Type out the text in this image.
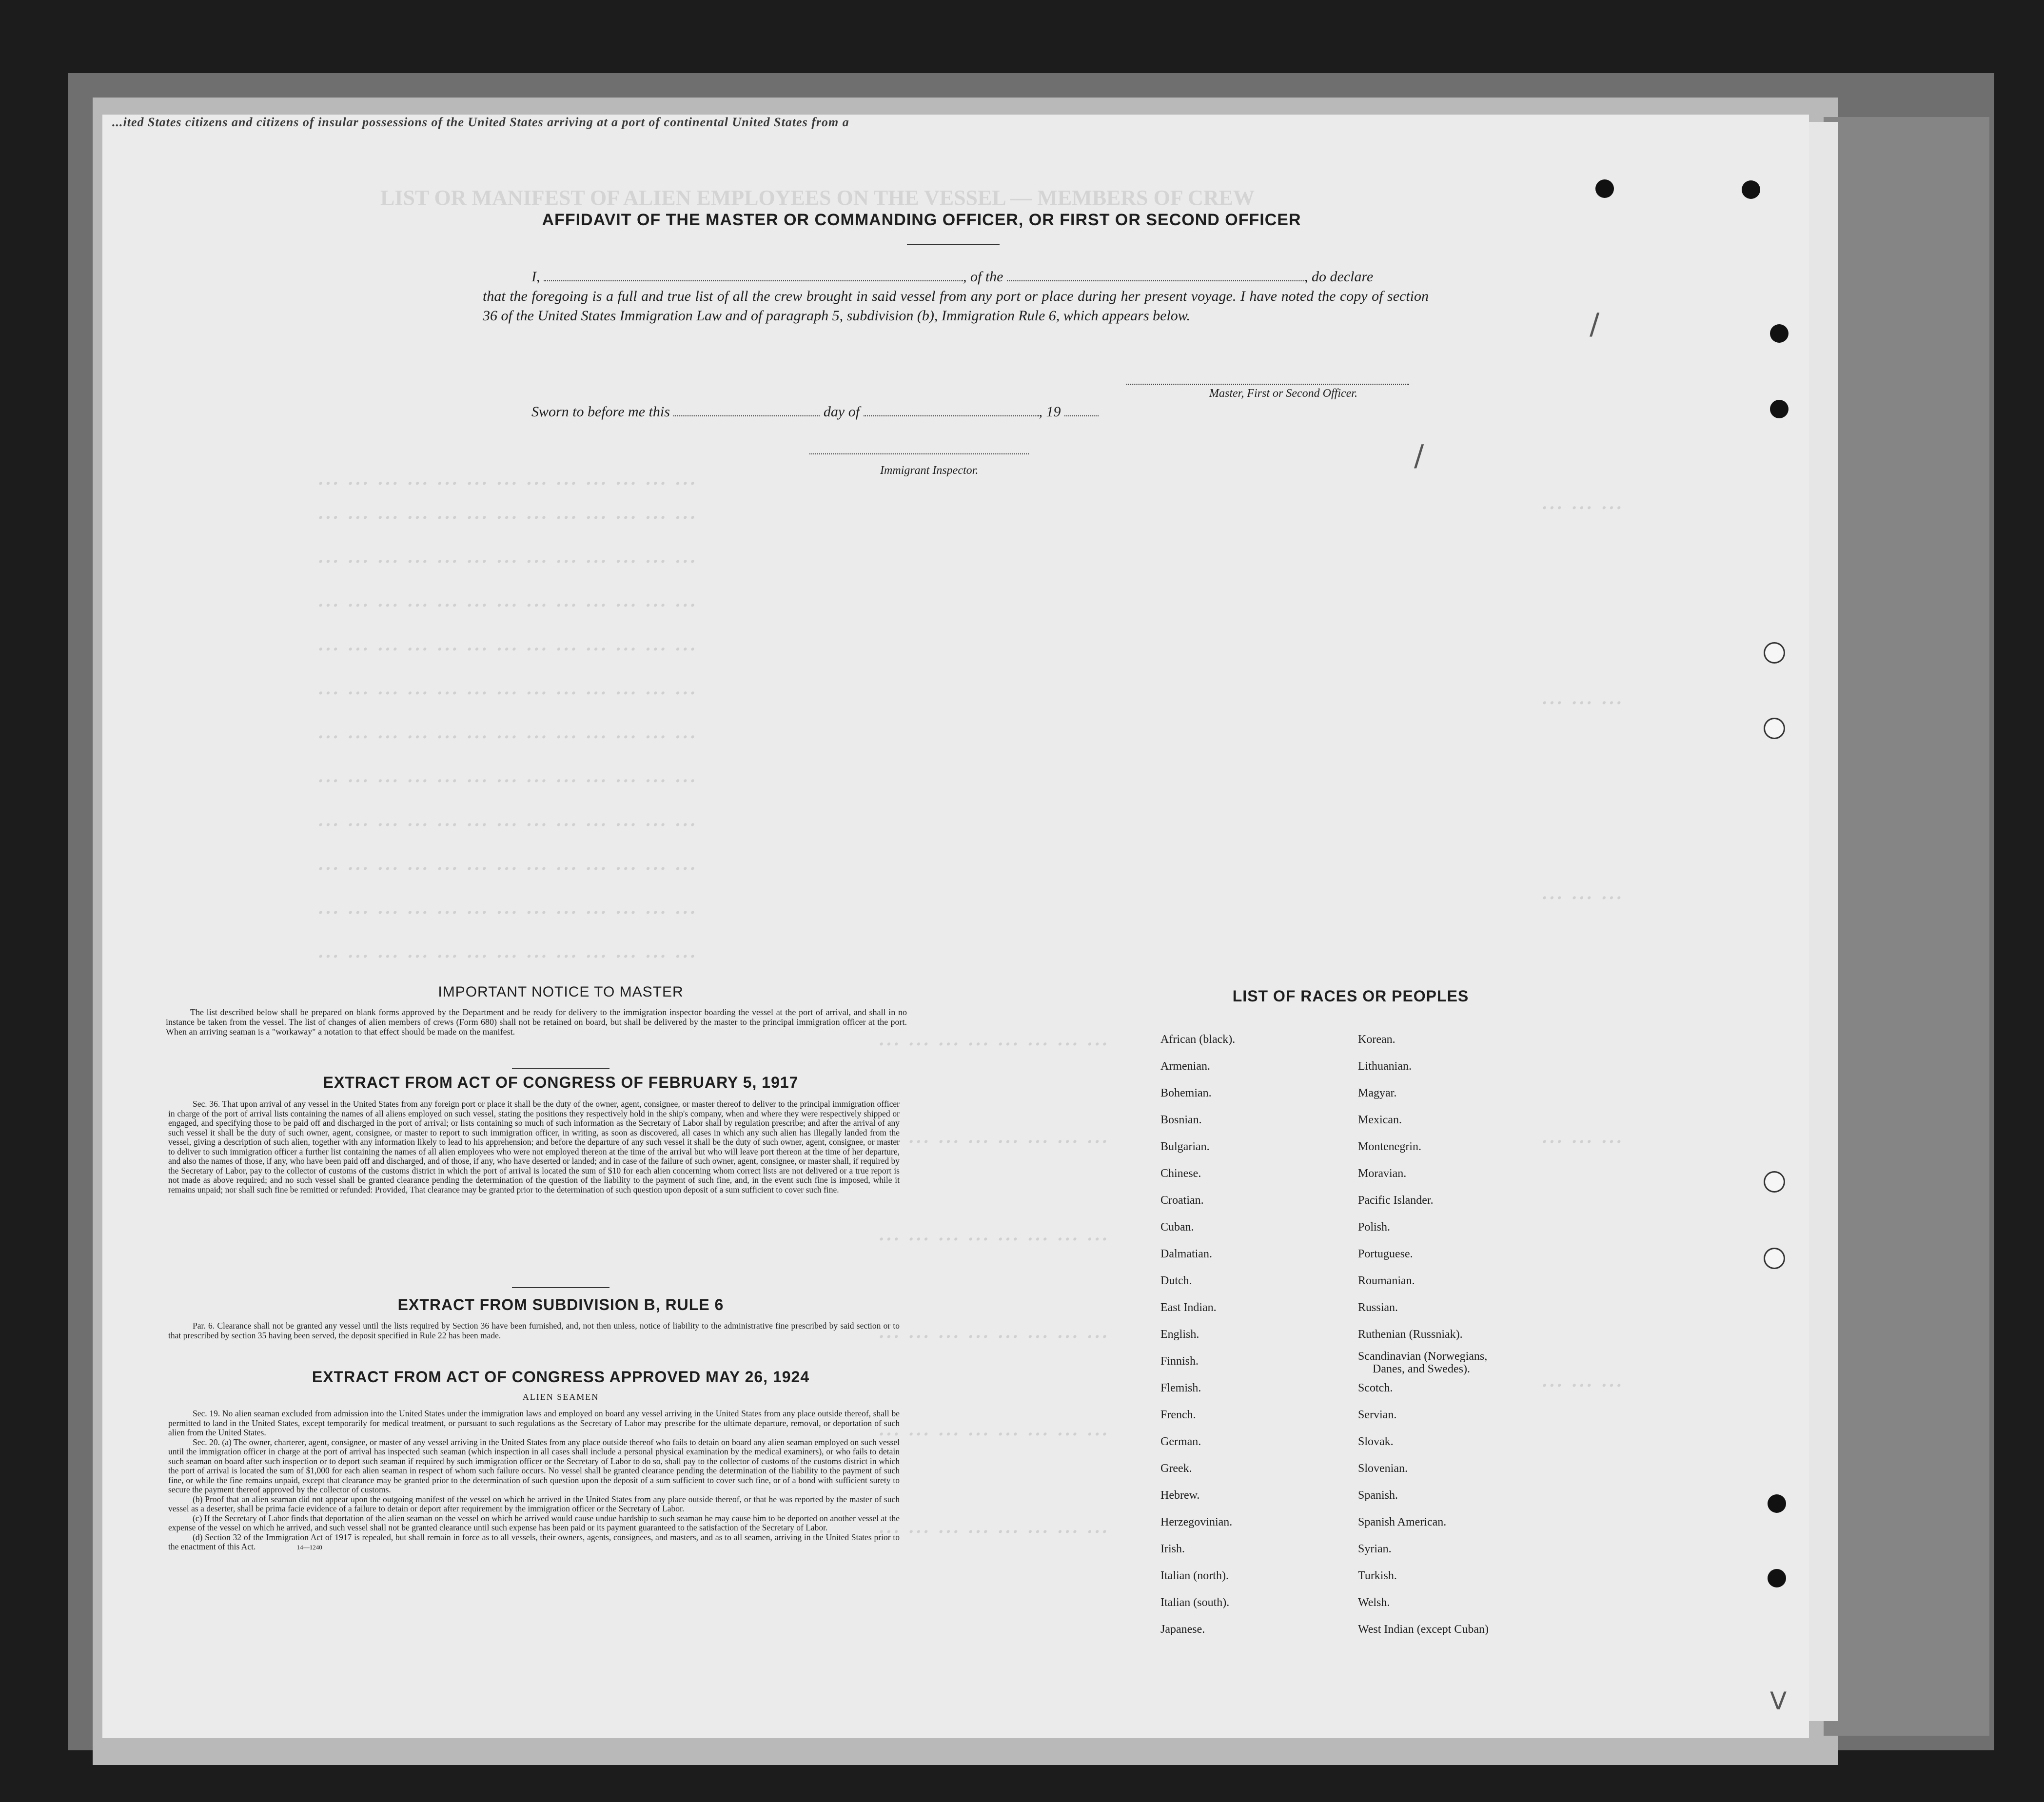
...ited States citizens and citizens of insular possessions of the United States arriving at a port of continental United States from a
LIST OR MANIFEST OF ALIEN EMPLOYEES ON THE VESSEL — MEMBERS OF CREW
/
V
/
AFFIDAVIT OF THE MASTER OR COMMANDING OFFICER, OR FIRST OR SECOND OFFICER
I,	, of the	, do declare
that the foregoing is a full and true list of all the crew brought in said vessel from any port or place during her present voyage. I have noted the copy of section 36 of the United States Immigration Law and of paragraph 5, subdivision (b), Immigration Rule 6, which appears below.
Master, First or Second Officer.
Sworn to before me this	day of	, 19
Immigrant Inspector.
IMPORTANT NOTICE TO MASTER
The list described below shall be prepared on blank forms approved by the Department and be ready for delivery to the immigration inspector boarding the vessel at the port of arrival, and shall in no instance be taken from the vessel. The list of changes of alien members of crews (Form 680) shall not be retained on board, but shall be delivered by the master to the principal immigration officer at the port. When an arriving seaman is a "workaway" a notation to that effect should be made on the manifest.
EXTRACT FROM ACT OF CONGRESS OF FEBRUARY 5, 1917

Sec. 36. That upon arrival of any vessel in the United States from any foreign port or place it shall be the duty of the owner, agent, consignee, or master thereof to deliver to the principal immigration officer in charge of the port of arrival lists containing the names of all aliens employed on such vessel, stating the positions they respectively hold in the ship's company, when and where they were respectively shipped or engaged, and specifying those to be paid off and discharged in the port of arrival; or lists containing so much of such information as the Secretary of Labor shall by regulation prescribe; and after the arrival of any such vessel it shall be the duty of such owner, agent, consignee, or master to report to such immigration officer, in writing, as soon as discovered, all cases in which any such alien has illegally landed from the vessel, giving a description of such alien, together with any information likely to lead to his apprehension; and before the departure of any such vessel it shall be the duty of such owner, agent, consignee, or master to deliver to such immigration officer a further list containing the names of all alien employees who were not employed thereon at the time of the arrival but who will leave port thereon at the time of her departure, and also the names of those, if any, who have been paid off and discharged, and of those, if any, who have deserted or landed; and in case of the failure of such owner, agent, consignee, or master shall, if required by the Secretary of Labor, pay to the collector of customs of the customs district in which the port of arrival is located the sum of $10 for each alien concerning whom correct lists are not delivered or a true report is not made as above required; and no such vessel shall be granted clearance pending the determination of the question of the liability to the payment of such fine, and, in the event such fine is imposed, while it remains unpaid; nor shall such fine be remitted or refunded: Provided, That clearance may be granted prior to the determination of such question upon deposit of a sum sufficient to cover such fine.

EXTRACT FROM SUBDIVISION B, RULE 6

Par. 6. Clearance shall not be granted any vessel until the lists required by Section 36 have been furnished, and, not then unless, notice of liability to the administrative fine prescribed by said section or to that prescribed by section 35 having been served, the deposit specified in Rule 22 has been made.

EXTRACT FROM ACT OF CONGRESS APPROVED MAY 26, 1924
ALIEN SEAMEN

Sec. 19. No alien seaman excluded from admission into the United States under the immigration laws and employed on board any vessel arriving in the United States from any place outside thereof, shall be permitted to land in the United States, except temporarily for medical treatment, or pursuant to such regulations as the Secretary of Labor may prescribe for the ultimate departure, removal, or deportation of such alien from the United States.

Sec. 20. (a) The owner, charterer, agent, consignee, or master of any vessel arriving in the United States from any place outside thereof who fails to detain on board any alien seaman employed on such vessel until the immigration officer in charge at the port of arrival has inspected such seaman (which inspection in all cases shall include a personal physical examination by the medical examiners), or who fails to detain such seaman on board after such inspection or to deport such seaman if required by such immigration officer or the Secretary of Labor to do so, shall pay to the collector of customs of the customs district in which the port of arrival is located the sum of $1,000 for each alien seaman in respect of whom such failure occurs. No vessel shall be granted clearance pending the determination of the liability to the payment of such fine, or while the fine remains unpaid, except that clearance may be granted prior to the determination of such question upon the deposit of a sum sufficient to cover such fine, or of a bond with sufficient surety to secure the payment thereof approved by the collector of customs.

(b) Proof that an alien seaman did not appear upon the outgoing manifest of the vessel on which he arrived in the United States from any place outside thereof, or that he was reported by the master of such vessel as a deserter, shall be prima facie evidence of a failure to detain or deport after requirement by the immigration officer or the Secretary of Labor.

(c) If the Secretary of Labor finds that deportation of the alien seaman on the vessel on which he arrived would cause undue hardship to such seaman he may cause him to be deported on another vessel at the expense of the vessel on which he arrived, and such vessel shall not be granted clearance until such expense has been paid or its payment guaranteed to the satisfaction of the Secretary of Labor.

(d) Section 32 of the Immigration Act of 1917 is repealed, but shall remain in force as to all vessels, their owners, agents, consignees, and masters, and as to all seamen, arriving in the United States prior to the enactment of this Act.	14—1240

LIST OF RACES OR PEOPLES
African (black).
Armenian.
Bohemian.
Bosnian.
Bulgarian.
Chinese.
Croatian.
Cuban.
Dalmatian.
Dutch.
East Indian.
English.
Finnish.
Flemish.
French.
German.
Greek.
Hebrew.
Herzegovinian.
Irish.
Italian (north).
Italian (south).
Japanese.
Korean.
Lithuanian.
Magyar.
Mexican.
Montenegrin.
Moravian.
Pacific Islander.
Polish.
Portuguese.
Roumanian.
Russian.
Ruthenian (Russniak).
Scandinavian (Norwegians,
Danes, and Swedes).
Scotch.
Servian.
Slovak.
Slovenian.
Spanish.
Spanish American.
Syrian.
Turkish.
Welsh.
West Indian (except Cuban)
